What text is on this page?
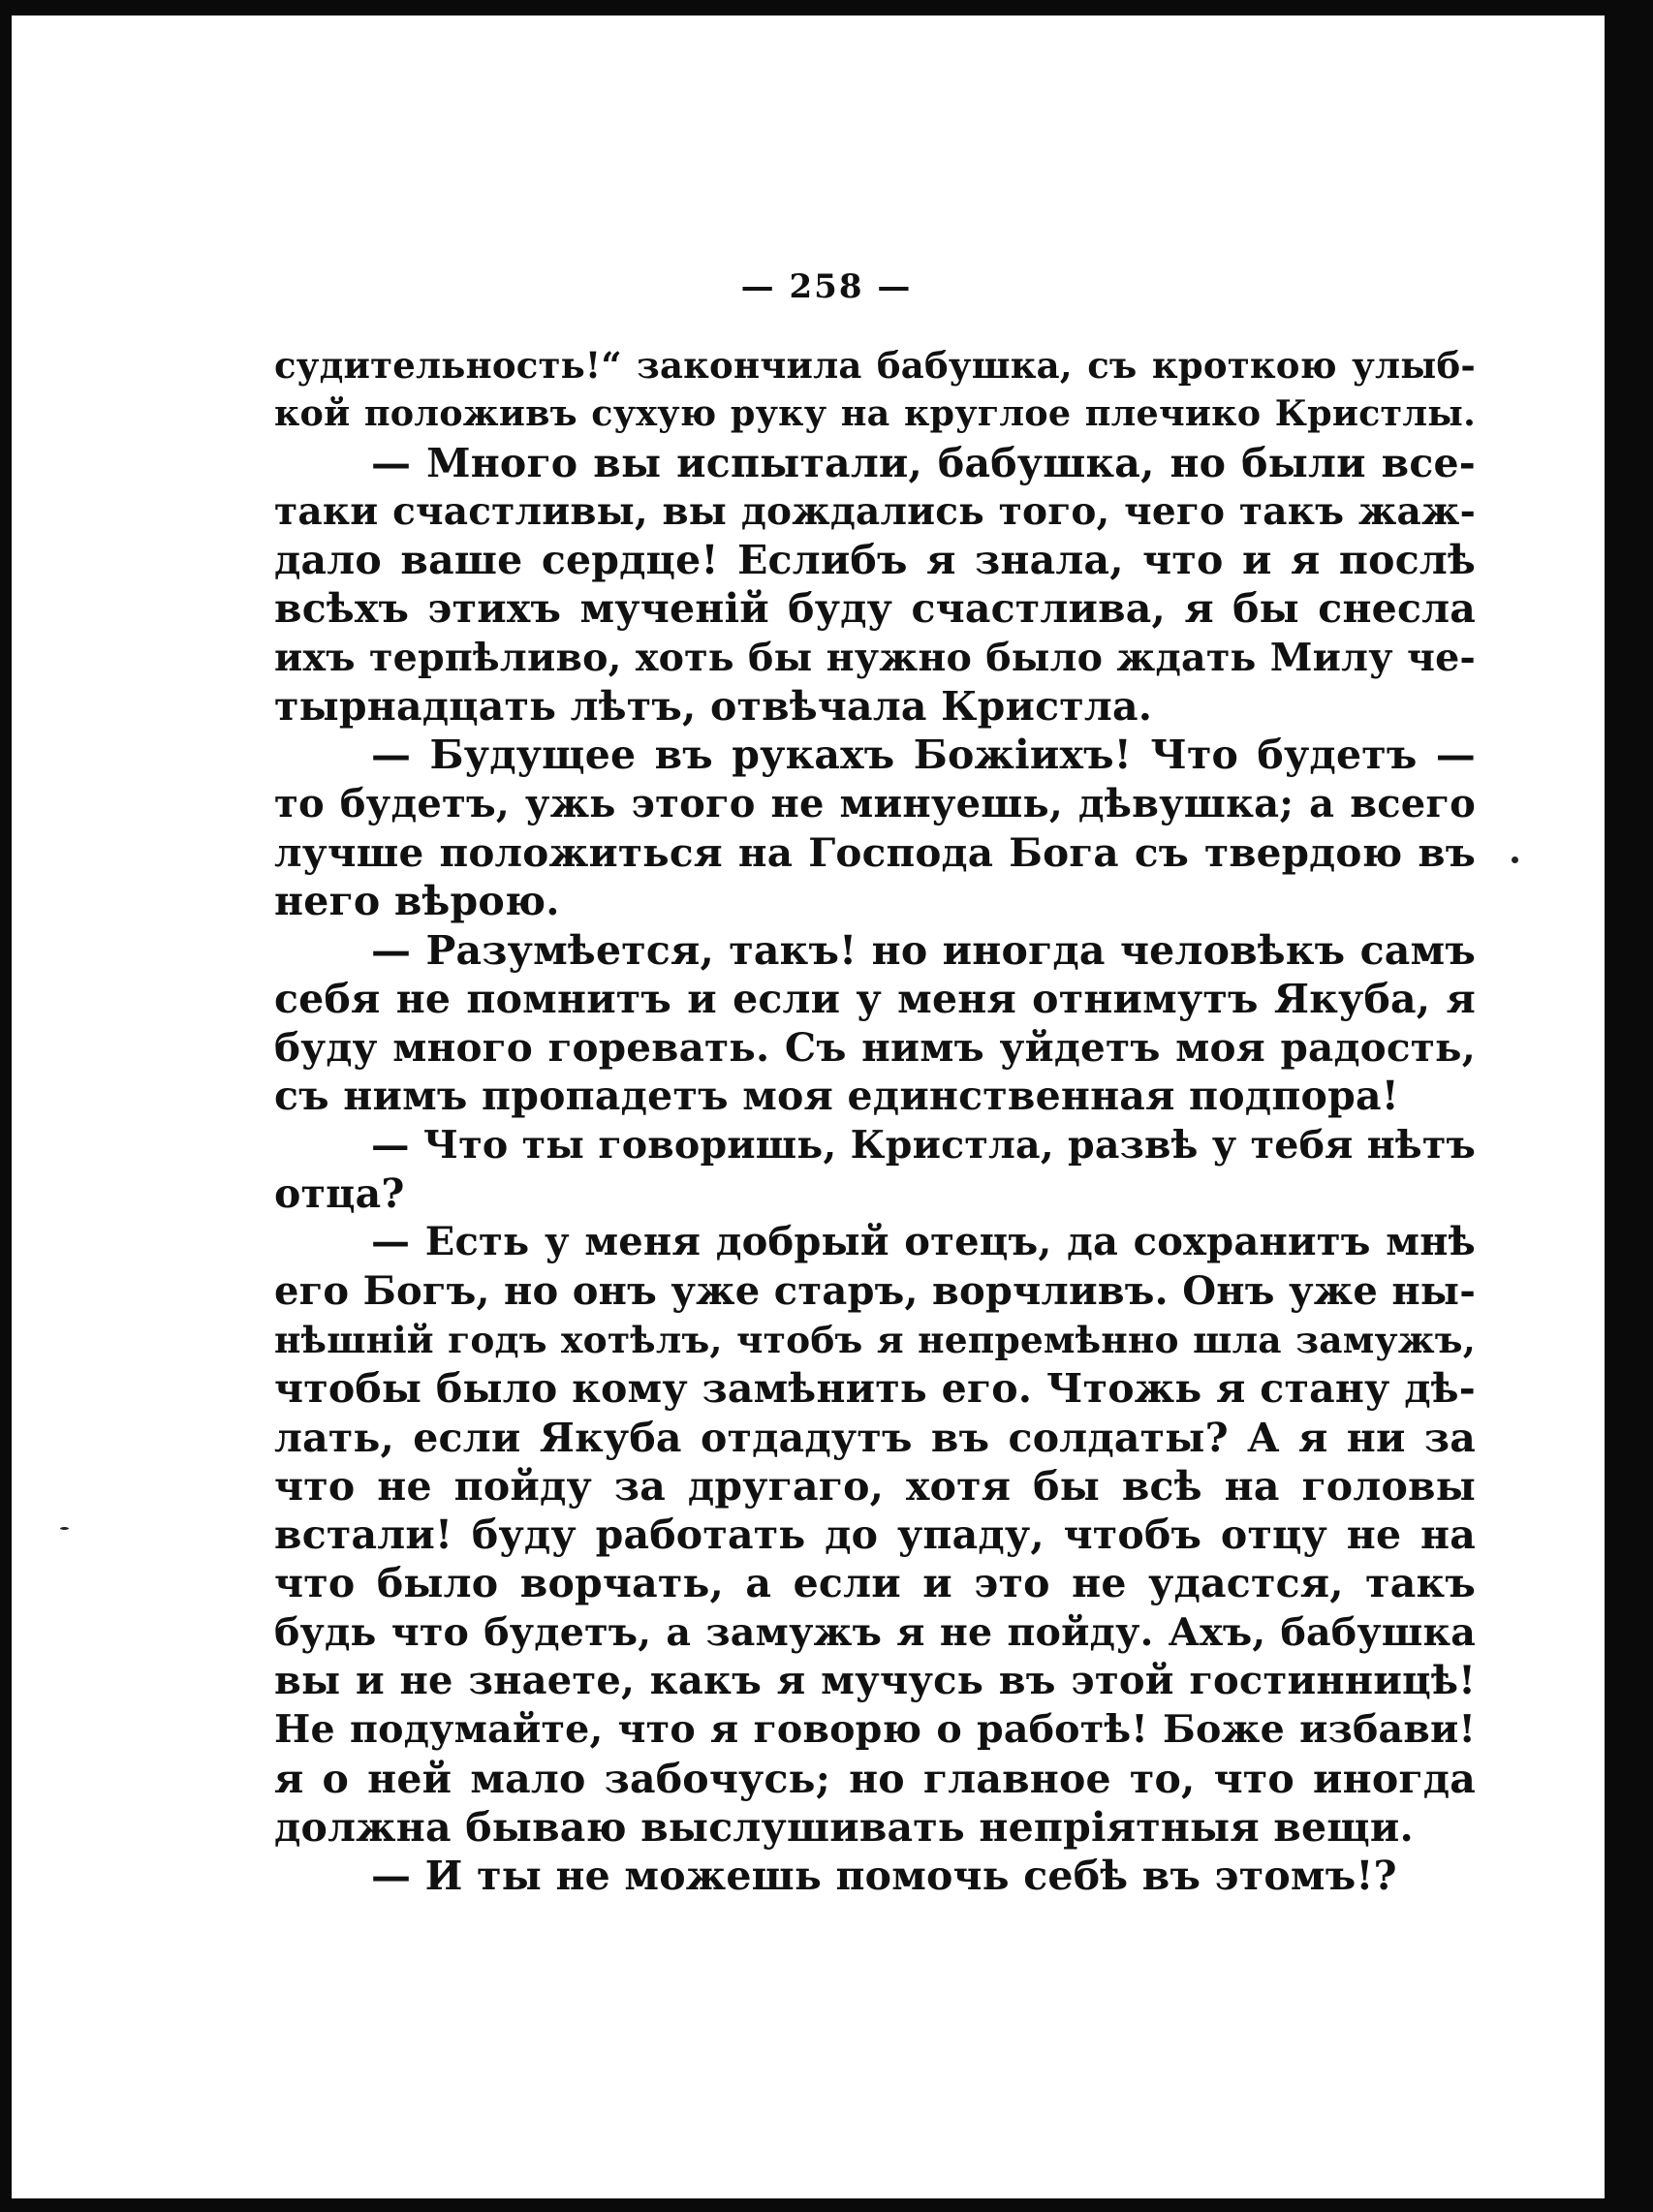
— 258 —
судительность!“ закончила бабушка, съ кроткою улыб-
кой положивъ сухую руку на круглое плечико Кристлы.
— Много вы испытали, бабушка, но были все-
таки счастливы, вы дождались того, чего такъ жаж-
дало ваше сердце! Еслибъ я знала, что и я послѣ
всѣхъ этихъ мученій буду счастлива, я бы снесла
ихъ терпѣливо, хоть бы нужно было ждать Милу че-
тырнадцать лѣтъ, отвѣчала Кристла.
— Будущее въ рукахъ Божіихъ! Что будетъ —
то будетъ, ужь этого не минуешь, дѣвушка; а всего
лучше положиться на Господа Бога съ твердою въ
него вѣрою.
— Разумѣется, такъ! но иногда человѣкъ самъ
себя не помнитъ и если у меня отнимутъ Якуба, я
буду много горевать. Съ нимъ уйдетъ моя радость,
съ нимъ пропадетъ моя единственная подпора!
— Что ты говоришь, Кристла, развѣ у тебя нѣтъ
отца?
— Есть у меня добрый отецъ, да сохранитъ мнѣ
его Богъ, но онъ уже старъ, ворчливъ. Онъ уже ны-
нѣшній годъ хотѣлъ, чтобъ я непремѣнно шла замужъ,
чтобы было кому замѣнить его. Чтожь я стану дѣ-
лать, если Якуба отдадутъ въ солдаты? А я ни за
что не пойду за другаго, хотя бы всѣ на головы
встали! буду работать до упаду, чтобъ отцу не на
что было ворчать, а если и это не удастся, такъ
будь что будетъ, а замужъ я не пойду. Ахъ, бабушка
вы и не знаете, какъ я мучусь въ этой гостинницѣ!
Не подумайте, что я говорю о работѣ! Боже избави!
я о ней мало забочусь; но главное то, что иногда
должна бываю выслушивать непріятныя вещи.
— И ты не можешь помочь себѣ въ этомъ!?
